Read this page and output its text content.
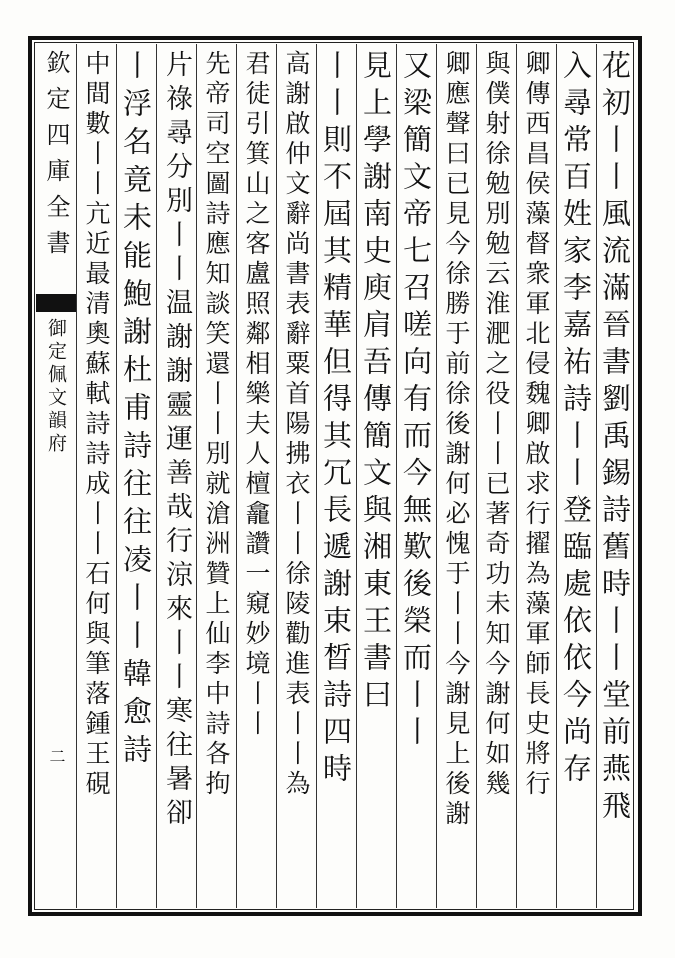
欽定四庫全書
御定佩文韻府
二	花初丨丨風流滿晉書劉禹錫詩舊時丨丨堂前燕飛
入尋常百姓家李嘉祐詩丨丨登臨處依依今尚存
卿傳西昌侯藻督衆軍北侵魏卿啟求行擢為藻軍師長史將行
與僕射徐勉別勉云淮淝之役丨丨已著奇功未知今謝何如幾
卿應聲曰已見今徐勝于前徐後謝何必愧于丨丨今謝見上後謝
又梁簡文帝七召嗟向有而今無歎後榮而丨丨
見上學謝南史庾肩吾傳簡文與湘東王書曰
丨丨則不屆其精華但得其冗長遞謝束晳詩四時
高謝啟仲文辭尚書表辭粟首陽拂衣丨丨徐陵勸進表丨丨為
君徒引箕山之客盧照鄰相樂夫人檀龕讚一窺妙境丨丨
先帝司空圖詩應知談笑還丨丨別就滄洲贊上仙李中詩各拘
片祿尋分別丨丨温謝謝靈運善哉行涼來丨丨寒往暑卻
丨浮名竟未能鮑謝杜甫詩往往凌丨丨韓愈詩
中間數丨丨亢近最清奧蘇軾詩詩成丨丨石何與筆落鍾王硯
